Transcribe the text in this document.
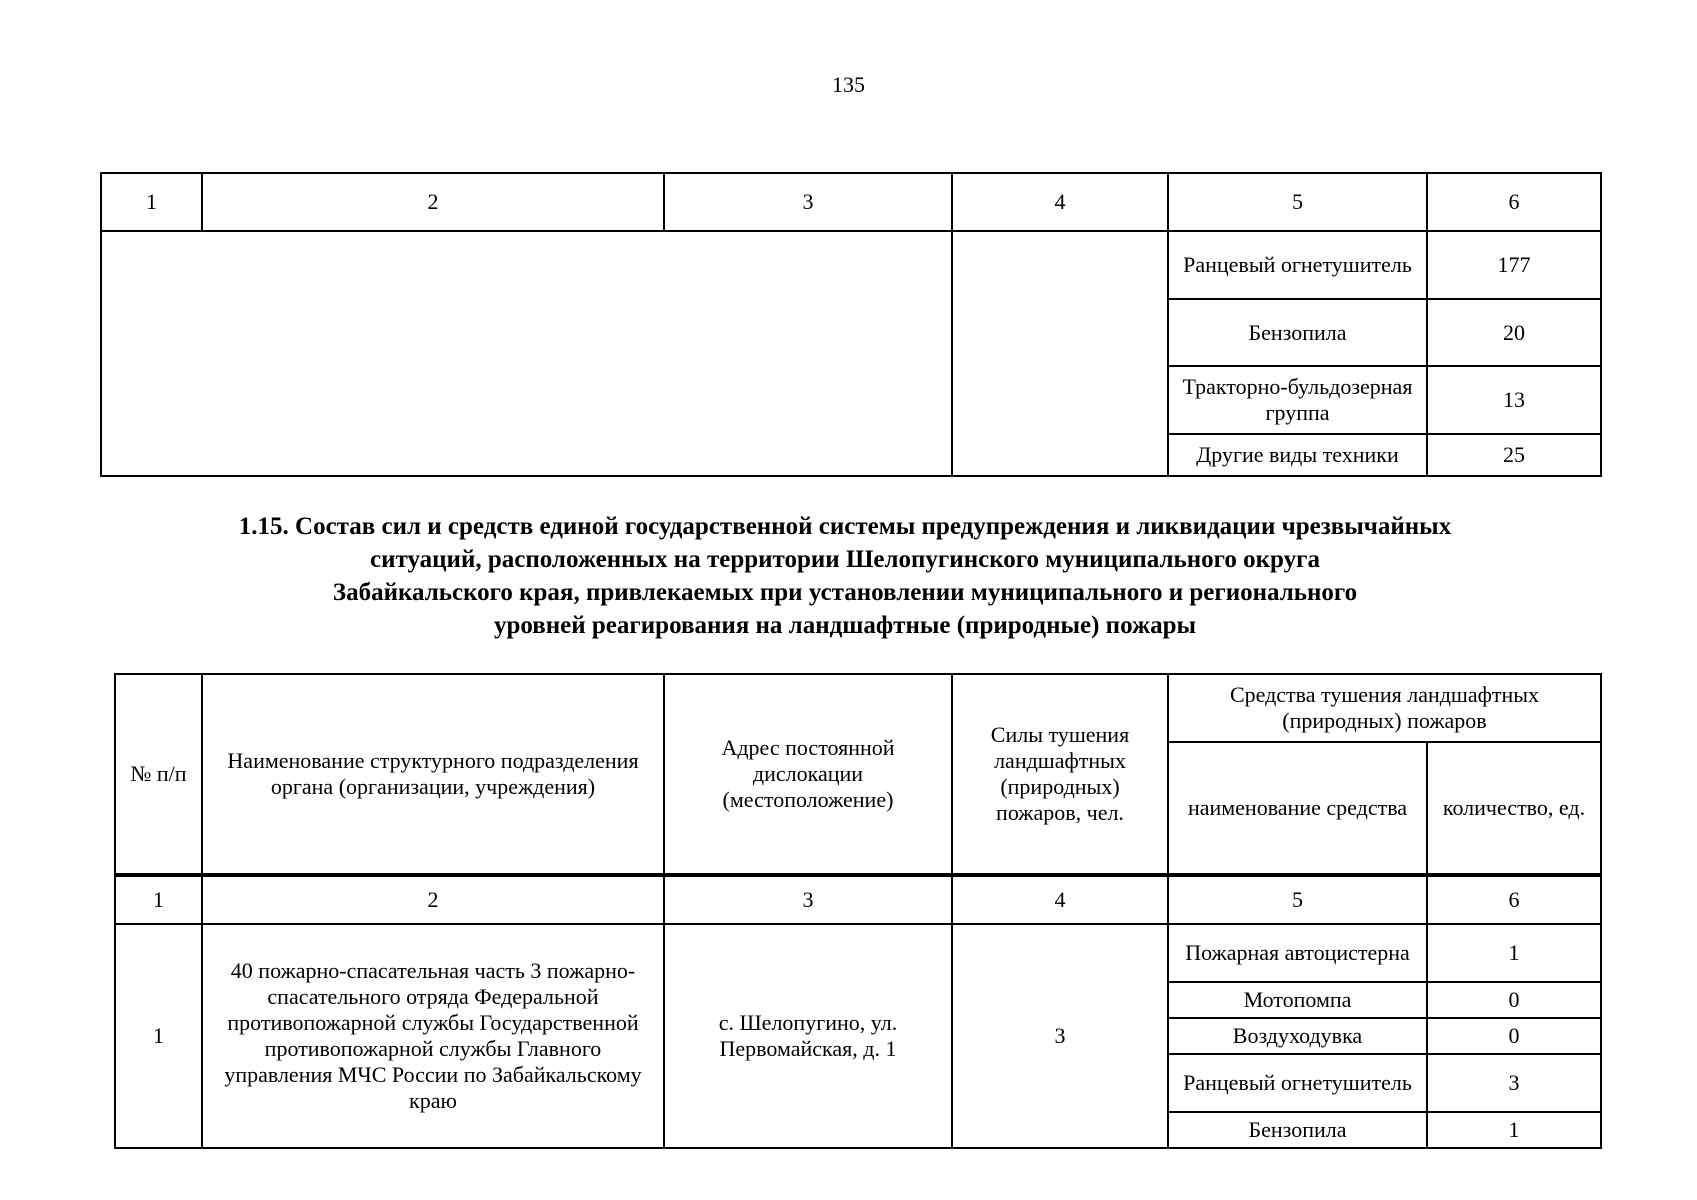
135
1	2	3	4	5	6
				Ранцевый огнетушитель	177
				Бензопила	20
				Тракторно-бульдозерная группа	13
				Другие виды техники	25
1.15. Состав сил и средств единой государственной системы предупреждения и ликвидации чрезвычайных
ситуаций, расположенных на территории Шелопугинского муниципального округа
Забайкальского края, привлекаемых при установлении муниципального и регионального
уровней реагирования на ландшафтные (природные) пожары
№ п/п	Наименование структурного подразделения органа (организации, учреждения)	Адрес постоянной дислокации (местоположение)	Силы тушения ландшафтных (природных) пожаров, чел.	Средства тушения ландшафтных (природных) пожаров	
				наименование средства	количество, ед.
1	2	3	4	5	6
1	40 пожарно-спасательная часть 3 пожарно-спасательного отряда Федеральной противопожарной службы Государственной противопожарной службы Главного управления МЧС России по Забайкальскому краю	с. Шелопугино, ул. Первомайская, д. 1	3	Пожарная автоцистерна	1
				Мотопомпа	0
				Воздуходувка	0
				Ранцевый огнетушитель	3
				Бензопила	1
